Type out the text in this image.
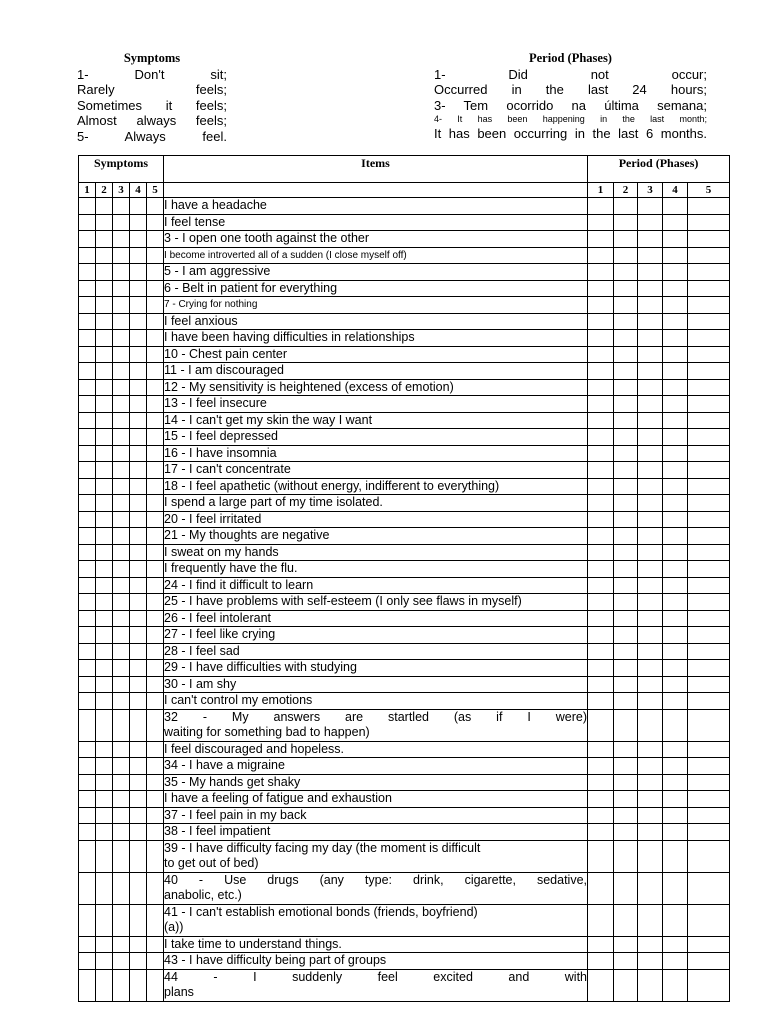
Symptoms
1- Don't sit;
Rarely feels;
Sometimes it feels;
Almost always feels;
5- Always feel.
Period (Phases)
1- Did not occur;
Occurred in the last 24 hours;
3- Tem ocorrido na última semana;
4- It has been happening in the last month;
It has been occurring in the last 6 months.
Symptoms					Items	Period (Phases)				
1	2	3	4	5		1	2	3	4	5
					I have a headache					
					I feel tense					
					3 - I open one tooth against the other					
					I become introverted all of a sudden (I close myself off)					
					5 - I am aggressive					
					6 - Belt in patient for everything					
					7 - Crying for nothing					
					I feel anxious					
					I have been having difficulties in relationships					
					10 - Chest pain center					
					11 - I am discouraged					
					12 - My sensitivity is heightened (excess of emotion)					
					13 - I feel insecure					
					14 - I can't get my skin the way I want					
					15 - I feel depressed					
					16 - I have insomnia					
					17 - I can't concentrate					
					18 - I feel apathetic (without energy, indifferent to everything)					
					I spend a large part of my time isolated.					
					20 - I feel irritated					
					21 - My thoughts are negative					
					I sweat on my hands					
					I frequently have the flu.					
					24 - I find it difficult to learn					
					25 - I have problems with self-esteem (I only see flaws in myself)					
					26 - I feel intolerant					
					27 - I feel like crying					
					28 - I feel sad					
					29 - I have difficulties with studying					
					30 - I am shy					
					I can't control my emotions					

					32 - My answers are startled (as if I were)
waiting for something bad to happen)					

					I feel discouraged and hopeless.					
					34 - I have a migraine					
					35 - My hands get shaky					
					I have a feeling of fatigue and exhaustion					
					37 - I feel pain in my back					
					38 - I feel impatient					

					39 - I have difficulty facing my day (the moment is difficult
to get out of bed)					

					40 - Use drugs (any type: drink, cigarette, sedative,
anabolic, etc.)					

					41 - I can't establish emotional bonds (friends, boyfriend)
(a))					

					I take time to understand things.					
					43 - I have difficulty being part of groups					

					44 - I suddenly feel excited and with
plans					
